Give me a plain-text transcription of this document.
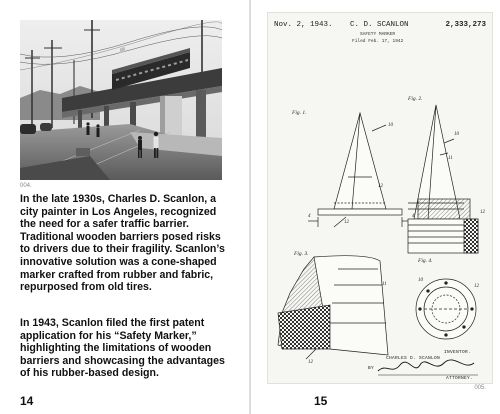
004.
In the late 1930s, Charles D. Scanlon, a city painter in Los Angeles, recognized the need for a safer traffic barrier. Traditional wooden barriers posed risks to drivers due to their fragility. Scanlon’s innovative solution was a cone-shaped marker crafted from rubber and fabric, repurposed from old tires.
In 1943, Scanlon filed the first patent application for his “Safety Marker,” highlighting the limitations of wooden barriers and showcasing the advantages of his rubber-based design.
14
Nov. 2, 1943. C. D. SCANLON	2,333,273
SAFETY MARKER
Filed Feb. 17, 1942
Fig. 1.
Fig. 2.
Fig. 3.
Fig. 4.
10
12
12
4	4
10
11
12
11
12
10
12
INVENTOR.
CHARLES D. SCANLON
BY
ATTORNEY.
005.
15
